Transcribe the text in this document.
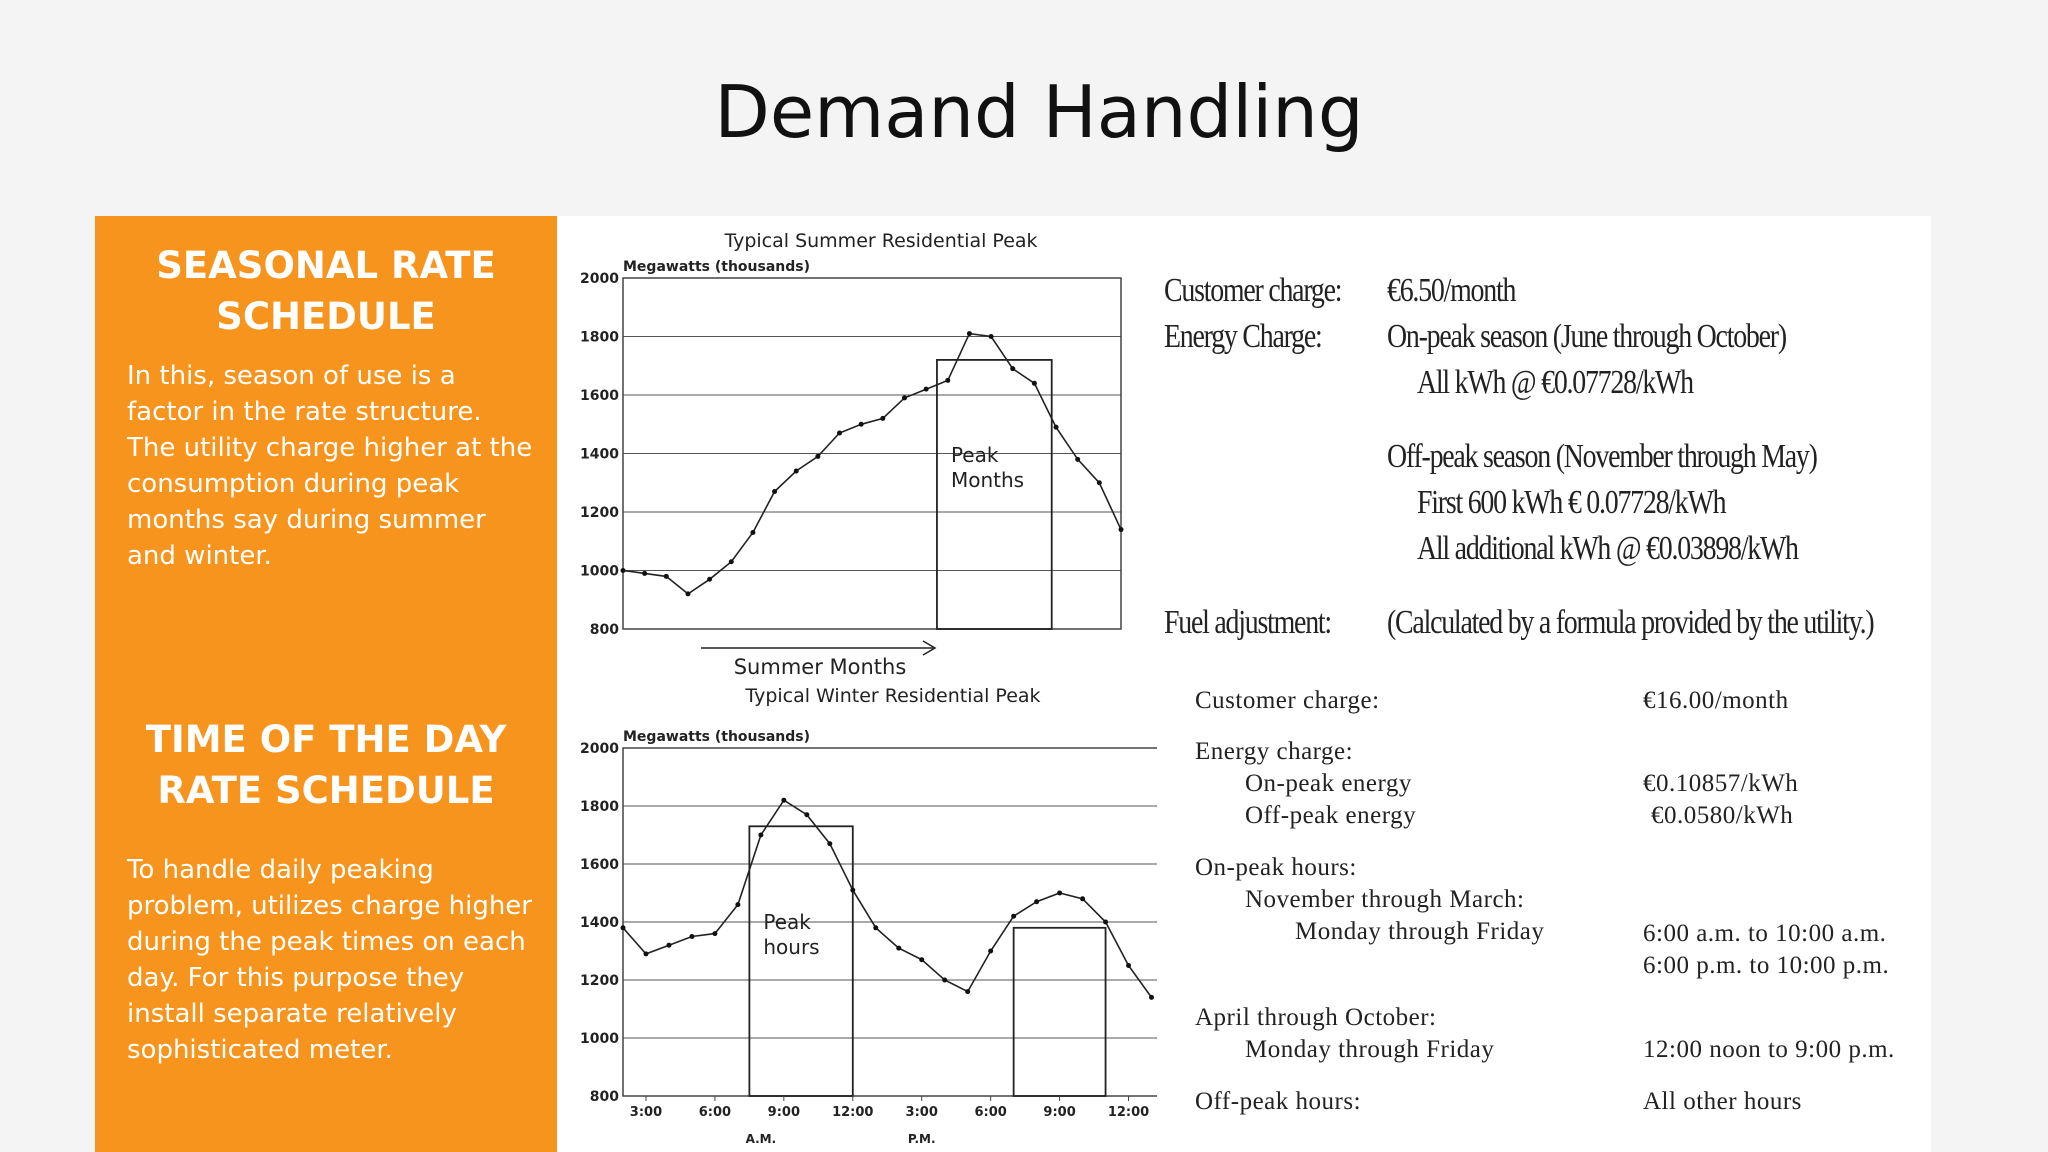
Demand Handling
SEASONAL RATE
SCHEDULE
In this, season of use is a factor in the rate structure. The utility charge higher at the consumption during peak months say during summer and winter.
TIME OF THE DAY
RATE SCHEDULE
To handle daily peaking problem, utilizes charge higher during the peak times on each day. For this purpose they install separate relatively sophisticated meter.
Typical Summer Residential Peak
Megawatts (thousands)
800
1000
1200
1400
1600
1800
2000
Peak
Months
Summer Months
Typical Winter Residential Peak
Megawatts (thousands)
800
1000
1200
1400
1600
1800
2000
Peak
hours
3:00	6:00	9:00 12:00 3:00	6:00	9:00 12:00
A.M.	P.M.
Customer charge: €6.50/month
Energy Charge: On-peak season (June through October)
All kWh @ €0.07728/kWh
Off-peak season (November through May)
First 600 kWh € 0.07728/kWh
All additional kWh @ €0.03898/kWh
Fuel adjustment: (Calculated by a formula provided by the utility.)
Customer charge:	€16.00/month
Energy charge:
On-peak energy	€0.10857/kWh
Off-peak energy	€0.0580/kWh
On-peak hours:
November through March:
Monday through Friday	6:00 a.m. to 10:00 a.m.
6:00 p.m. to 10:00 p.m.
April through October:
Monday through Friday	12:00 noon to 9:00 p.m.
Off-peak hours:	All other hours
